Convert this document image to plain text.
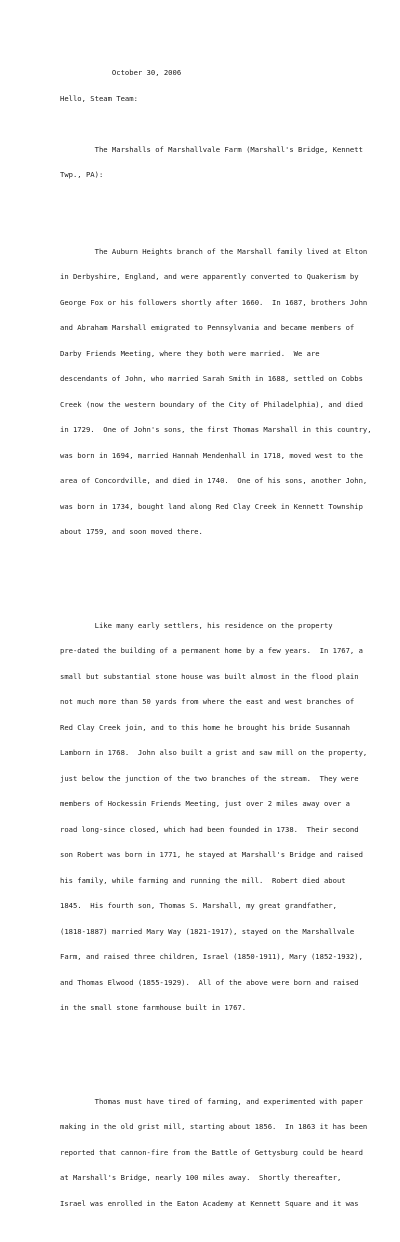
October 30, 2006

Hello, Steam Team:

The Marshalls of Marshallvale Farm (Marshall's Bridge, Kennett

Twp., PA):

The Auburn Heights branch of the Marshall family lived at Elton

in Derbyshire, England, and were apparently converted to Quakerism by

George Fox or his followers shortly after 1660.  In 1687, brothers John

and Abraham Marshall emigrated to Pennsylvania and became members of

Darby Friends Meeting, where they both were married.  We are

descendants of John, who married Sarah Smith in 1688, settled on Cobbs

Creek (now the western boundary of the City of Philadelphia), and died

in 1729.  One of John's sons, the first Thomas Marshall in this country,

was born in 1694, married Hannah Mendenhall in 1718, moved west to the

area of Concordville, and died in 1740.  One of his sons, another John,

was born in 1734, bought land along Red Clay Creek in Kennett Township

about 1759, and soon moved there.

Like many early settlers, his residence on the property

pre-dated the building of a permanent home by a few years.  In 1767, a

small but substantial stone house was built almost in the flood plain

not much more than 50 yards from where the east and west branches of

Red Clay Creek join, and to this home he brought his bride Susannah

Lamborn in 1768.  John also built a grist and saw mill on the property,

just below the junction of the two branches of the stream.  They were

members of Hockessin Friends Meeting, just over 2 miles away over a

road long-since closed, which had been founded in 1738.  Their second

son Robert was born in 1771, he stayed at Marshall's Bridge and raised

his family, while farming and running the mill.  Robert died about

1845.  His fourth son, Thomas S. Marshall, my great grandfather,

(1818-1887) married Mary Way (1821-1917), stayed on the Marshallvale

Farm, and raised three children, Israel (1850-1911), Mary (1852-1932),

and Thomas Elwood (1855-1929).  All of the above were born and raised

in the small stone farmhouse built in 1767.

Thomas must have tired of farming, and experimented with paper

making in the old grist mill, starting about 1856.  In 1863 it has been

reported that cannon-fire from the Battle of Gettysburg could be heard

at Marshall's Bridge, nearly 100 miles away.  Shortly thereafter,

Israel was enrolled in the Eaton Academy at Kennett Square and it was
